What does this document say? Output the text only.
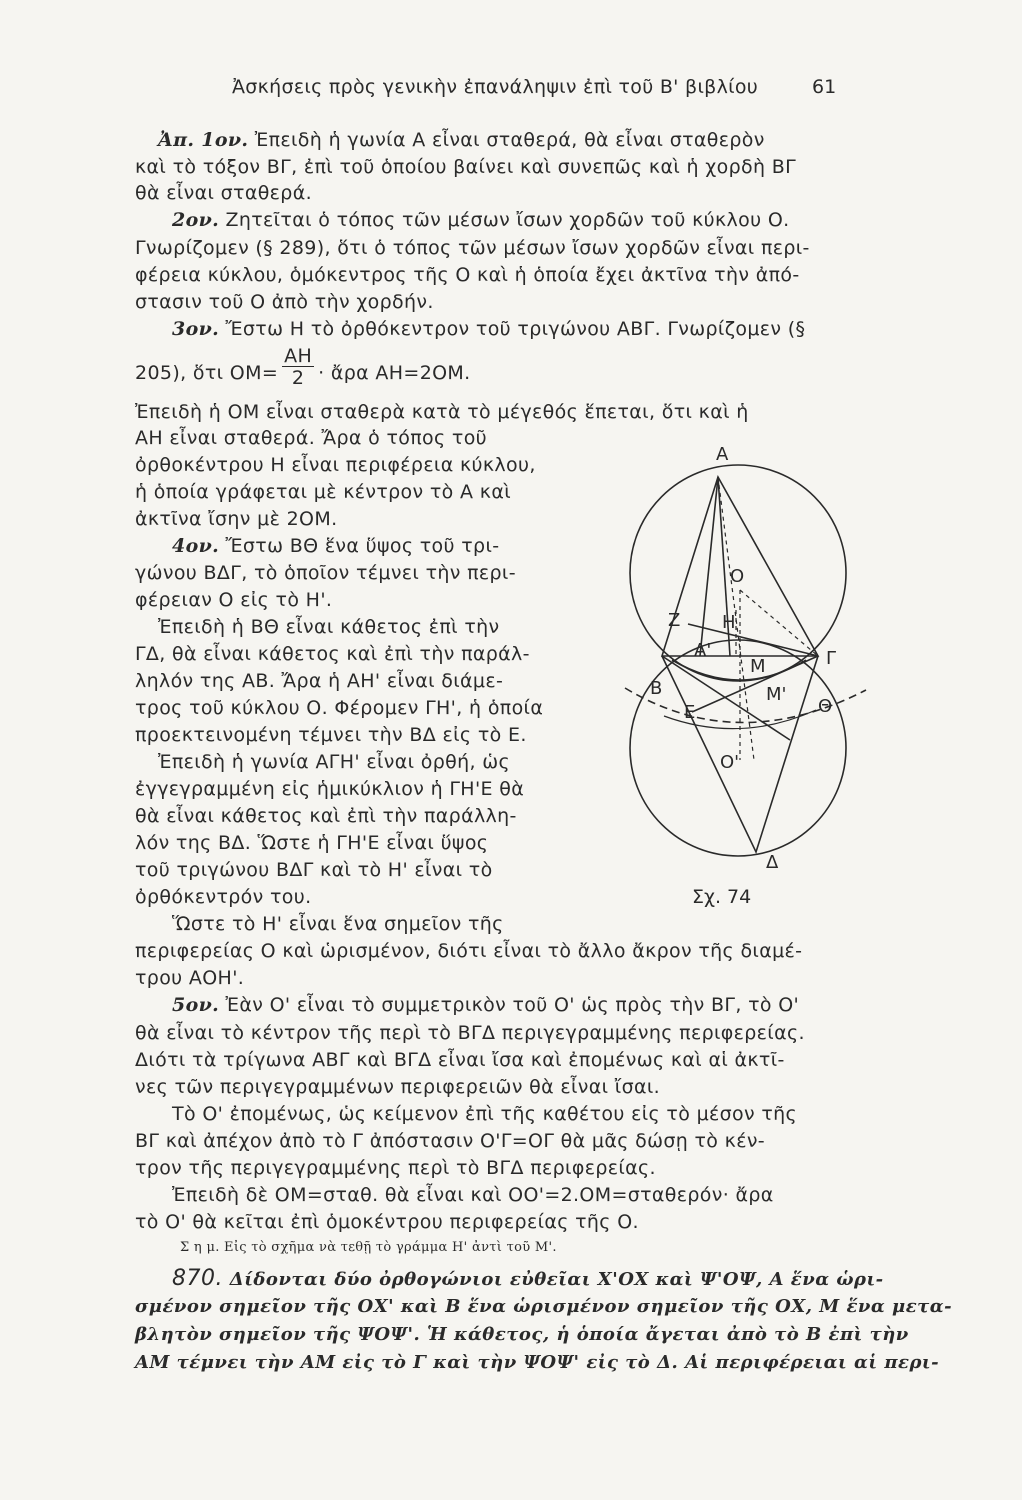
Ἀσκήσεις πρὸς γενικὴν ἐπανάληψιν ἐπὶ τοῦ Β' βιβλίου	61
Ἀπ. 1ον. Ἐπειδὴ ἡ γωνία Α εἶναι σταθερά, θὰ εἶναι σταθερὸν
καὶ τὸ τόξον ΒΓ, ἐπὶ τοῦ ὁποίου βαίνει καὶ συνεπῶς καὶ ἡ χορδὴ ΒΓ
θὰ εἶναι σταθερά.
2ον. Ζητεῖται ὁ τόπος τῶν μέσων ἴσων χορδῶν τοῦ κύκλου Ο.
Γνωρίζομεν (§ 289), ὅτι ὁ τόπος τῶν μέσων ἴσων χορδῶν εἶναι περι-
φέρεια κύκλου, ὁμόκεντρος τῆς Ο καὶ ἡ ὁποία ἔχει ἀκτῖνα τὴν ἀπό-
στασιν τοῦ Ο ἀπὸ τὴν χορδήν.
3ον. Ἔστω Η τὸ ὀρθόκεντρον τοῦ τριγώνου ΑΒΓ. Γνωρίζομεν (§
205), ὅτι $OM= \frac{AH}{2}$ · ἄρα ΑΗ=2ΟΜ.
Ἐπειδὴ ἡ ΟΜ εἶναι σταθερὰ κατὰ τὸ μέγεθός ἕπεται, ὅτι καὶ ἡ
ΑΗ εἶναι σταθερά. Ἄρα ὁ τόπος τοῦ
ὀρθοκέντρου Η εἶναι περιφέρεια κύκλου,
ἡ ὁποία γράφεται μὲ κέντρον τὸ Α καὶ
ἀκτῖνα ἴσην μὲ 2ΟΜ.
4ον. Ἔστω ΒΘ ἕνα ὕψος τοῦ τρι-
γώνου ΒΔΓ, τὸ ὁποῖον τέμνει τὴν περι-
φέρειαν Ο εἰς τὸ Η'.
Ἐπειδὴ ἡ ΒΘ εἶναι κάθετος ἐπὶ τὴν
ΓΔ, θὰ εἶναι κάθετος καὶ ἐπὶ τὴν παράλ-
ληλόν της ΑΒ. Ἄρα ἡ ΑΗ' εἶναι διάμε-
τρος τοῦ κύκλου Ο. Φέρομεν ΓΗ', ἡ ὁποία
προεκτεινομένη τέμνει τὴν ΒΔ εἰς τὸ Ε.
Ἐπειδὴ ἡ γωνία ΑΓΗ' εἶναι ὀρθή, ὡς
ἐγγεγραμμένη εἰς ἡμικύκλιον ἡ ΓΗ'Ε θὰ
θὰ εἶναι κάθετος καὶ ἐπὶ τὴν παράλλη-
λόν της ΒΔ. Ὥστε ἡ ΓΗ'Ε εἶναι ὕψος
τοῦ τριγώνου ΒΔΓ καὶ τὸ Η' εἶναι τὸ
ὀρθόκεντρόν του.
Ὥστε τὸ Η' εἶναι ἕνα σημεῖον τῆς
περιφερείας Ο καὶ ὡρισμένον, διότι εἶναι τὸ ἄλλο ἄκρον τῆς διαμέ-
τρου ΑΟΗ'.
5ον. Ἐὰν Ο' εἶναι τὸ συμμετρικὸν τοῦ Ο' ὡς πρὸς τὴν ΒΓ, τὸ Ο'
θὰ εἶναι τὸ κέντρον τῆς περὶ τὸ ΒΓΔ περιγεγραμμένης περιφερείας.
Διότι τὰ τρίγωνα ΑΒΓ καὶ ΒΓΔ εἶναι ἴσα καὶ ἐπομένως καὶ αἱ ἀκτῖ-
νες τῶν περιγεγραμμένων περιφερειῶν θὰ εἶναι ἴσαι.
Τὸ Ο' ἐπομένως, ὡς κείμενον ἐπὶ τῆς καθέτου εἰς τὸ μέσον τῆς
ΒΓ καὶ ἀπέχον ἀπὸ τὸ Γ ἀπόστασιν Ο'Γ=ΟΓ θὰ μᾶς δώσῃ τὸ κέν-
τρον τῆς περιγεγραμμένης περὶ τὸ ΒΓΔ περιφερείας.
Ἐπειδὴ δὲ ΟΜ=σταθ. θὰ εἶναι καὶ ΟΟ'=2.ΟΜ=σταθερόν· ἄρα
τὸ Ο' θὰ κεῖται ἐπὶ ὁμοκέντρου περιφερείας τῆς Ο.
Σ η μ. Εἰς τὸ σχῆμα νὰ τεθῇ τὸ γράμμα Η' ἀντὶ τοῦ Μ'.
870. Δίδονται δύο ὀρθογώνιοι εὐθεῖαι Χ'ΟΧ καὶ Ψ'ΟΨ, Α ἕνα ὡρι-
σμένον σημεῖον τῆς ΟΧ' καὶ Β ἕνα ὡρισμένον σημεῖον τῆς ΟΧ, Μ ἕνα μετα-
βλητὸν σημεῖον τῆς ΨΟΨ'. Ἡ κάθετος, ἡ ὁποία ἄγεται ἀπὸ τὸ Β ἐπὶ τὴν
ΑΜ τέμνει τὴν ΑΜ εἰς τὸ Γ καὶ τὴν ΨΟΨ' εἰς τὸ Δ. Αἱ περιφέρειαι αἱ περι-
Α
Ο
Ζ Η
Α'
Β
Γ
Μ
Μ'
Θ
Ε
Ο'
Δ
Σχ. 74
